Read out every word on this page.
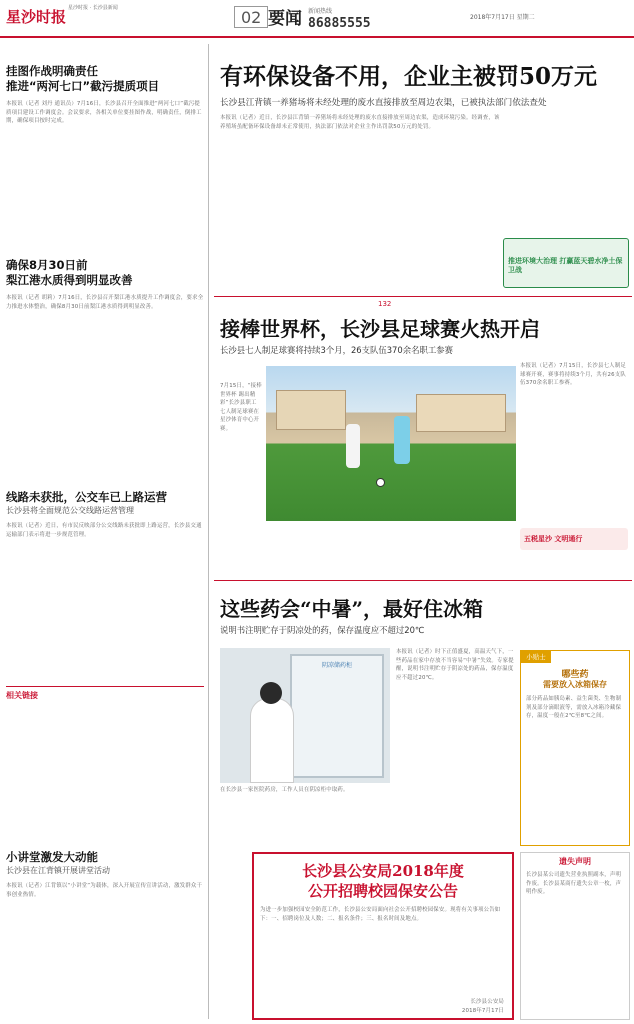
星沙时报 星沙时报 · 长沙县新闻	02 要闻 新闻热线
86885555	2018年7月17日 星期二
挂图作战明确责任
推进“两河七口”截污提质项目
本报讯（记者 刘丹 通讯员）7月16日，长沙县召开全面推进“两河七口”截污提质项目建设工作调度会。会议要求，各相关单位要挂图作战，明确责任，倒排工期，确保项目按时完成。
确保8月30日前
梨江港水质得到明显改善
本报讯（记者 胡莉）7月16日，长沙县召开梨江港水质提升工作调度会，要求全力推进水体整治，确保8月30日前梨江港水质得到明显改善。
线路未获批，公交车已上路运营
长沙县将全面规范公交线路运营管理
本报讯（记者）近日，有市民反映部分公交线路未获批即上路运营，长沙县交通运输部门表示将进一步规范管理。
相关链接
小讲堂激发大动能
长沙县在江背镇开展讲堂活动
本报讯（记者）江背镇以“小讲堂”为载体，深入开展宣传宣讲活动，激发群众干事创业热情。
有环保设备不用，企业主被罚50万元
长沙县江背镇一养猪场将未经处理的废水直接排放至周边农渠，已被执法部门依法查处
本报讯（记者）近日，长沙县江背镇一养猪场将未经处理的废水直接排放至周边农渠，造成环境污染。经调查，该养殖场虽配备环保设备却未正常使用，执法部门依法对企业主作出罚款50万元的处罚。
推进环境大治理 打赢蓝天碧水净土保卫战
132
接棒世界杯，长沙县足球赛火热开启
长沙县七人制足球赛将持续3个月，26支队伍370余名职工参赛
7月15日，“接棒世界杯 踢出精彩”长沙县职工七人制足球赛在星沙体育中心开赛。
本报讯（记者）7月15日，长沙县七人制足球赛开赛，赛事将持续3个月，共有26支队伍370余名职工参赛。
五税星沙 文明通行
这些药会“中暑”，最好住冰箱
说明书注明贮存于阴凉处的药，保存温度应不超过20℃
阴凉储药柜
在长沙县一家医院药房，工作人员在阴凉柜中取药。
本报讯（记者）时下正值盛夏，高温天气下，一些药品在家中存放不当容易“中暑”失效。专家提醒，说明书注明贮存于阴凉处的药品，保存温度应不超过20℃。
小贴士
哪些药
需要放入冰箱保存
部分药品如胰岛素、益生菌类、生物制剂及部分滴眼液等，需放入冰箱冷藏保存，温度一般在2℃至8℃之间。
长沙县公安局2018年度
公开招聘校园保安公告
为进一步加强校园安全防范工作，长沙县公安局面向社会公开招聘校园保安。现将有关事项公告如下：一、招聘岗位及人数；二、报名条件；三、报名时间及地点。
长沙县公安局
2018年7月17日
遗失声明
长沙县某公司遗失营业执照副本，声明作废。长沙县某商行遗失公章一枚，声明作废。
